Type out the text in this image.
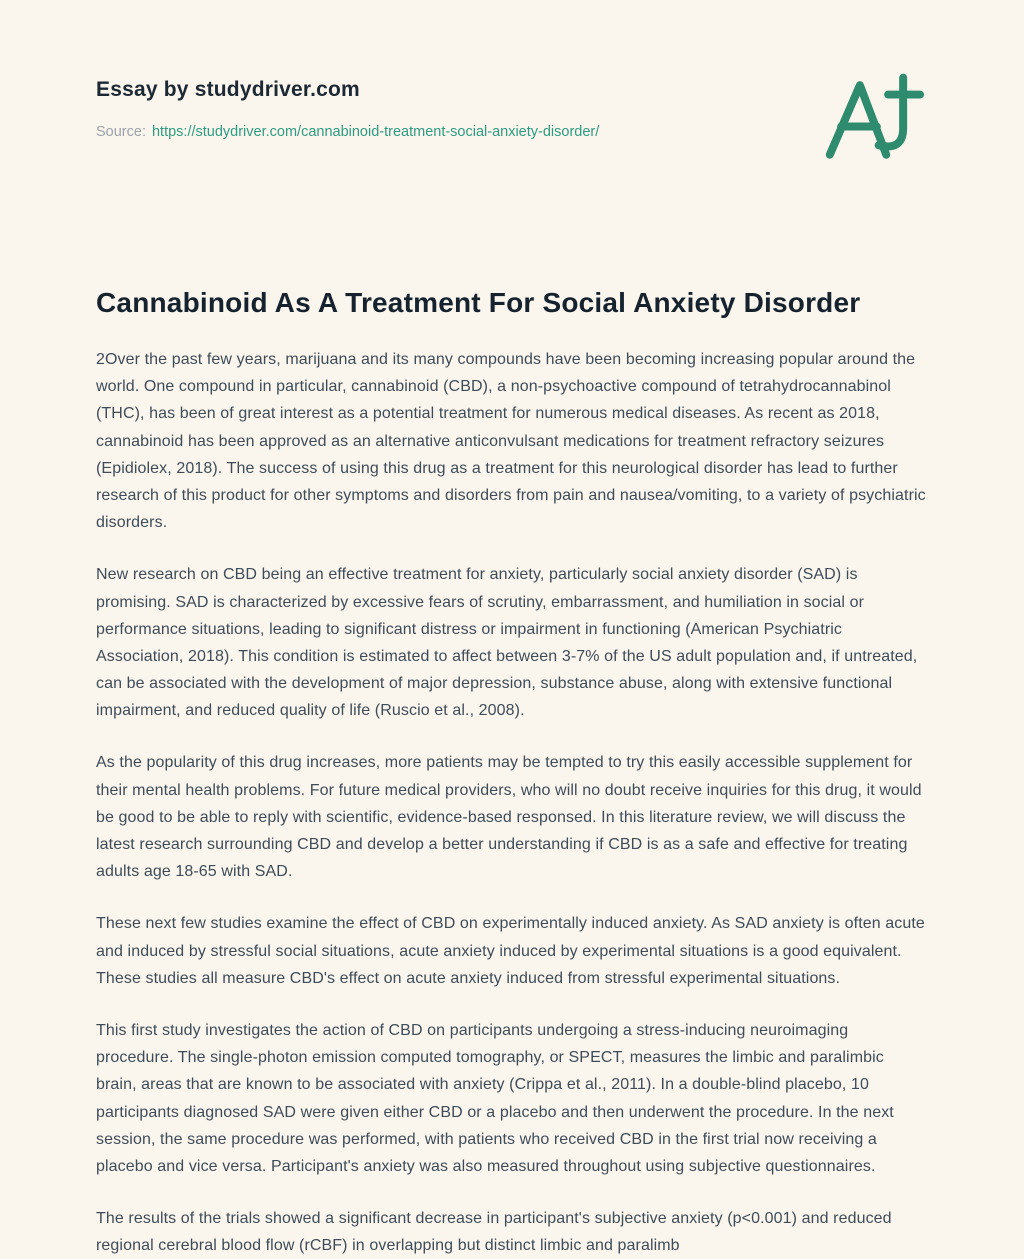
Essay by studydriver.com
Source: https://studydriver.com/cannabinoid-treatment-social-anxiety-disorder/
Cannabinoid As A Treatment For Social Anxiety Disorder

2Over the past few years, marijuana and its many compounds have been becoming increasing popular around the world. One compound in particular, cannabinoid (CBD), a non-psychoactive compound of tetrahydrocannabinol (THC), has been of great interest as a potential treatment for numerous medical diseases. As recent as 2018, cannabinoid has been approved as an alternative anticonvulsant medications for treatment refractory seizures (Epidiolex, 2018). The success of using this drug as a treatment for this neurological disorder has lead to further research of this product for other symptoms and disorders from pain and nausea/vomiting, to a variety of psychiatric disorders.

New research on CBD being an effective treatment for anxiety, particularly social anxiety disorder (SAD) is promising. SAD is characterized by excessive fears of scrutiny, embarrassment, and humiliation in social or performance situations, leading to significant distress or impairment in functioning (American Psychiatric Association, 2018). This condition is estimated to affect between 3-7% of the US adult population and, if untreated, can be associated with the development of major depression, substance abuse, along with extensive functional impairment, and reduced quality of life (Ruscio et al., 2008).

As the popularity of this drug increases, more patients may be tempted to try this easily accessible supplement for their mental health problems. For future medical providers, who will no doubt receive inquiries for this drug, it would be good to be able to reply with scientific, evidence-based responsed. In this literature review, we will discuss the latest research surrounding CBD and develop a better understanding if CBD is as a safe and effective for treating adults age 18-65 with SAD.

These next few studies examine the effect of CBD on experimentally induced anxiety. As SAD anxiety is often acute and induced by stressful social situations, acute anxiety induced by experimental situations is a good equivalent. These studies all measure CBD's effect on acute anxiety induced from stressful experimental situations.

This first study investigates the action of CBD on participants undergoing a stress-inducing neuroimaging procedure. The single-photon emission computed tomography, or SPECT, measures the limbic and paralimbic brain, areas that are known to be associated with anxiety (Crippa et al., 2011). In a double-blind placebo, 10 participants diagnosed SAD were given either CBD or a placebo and then underwent the procedure. In the next session, the same procedure was performed, with patients who received CBD in the first trial now receiving a placebo and vice versa. Participant's anxiety was also measured throughout using subjective questionnaires.

The results of the trials showed a significant decrease in participant's subjective anxiety (p<0.001) and reduced regional cerebral blood flow (rCBF) in overlapping but distinct limbic and paralimb
